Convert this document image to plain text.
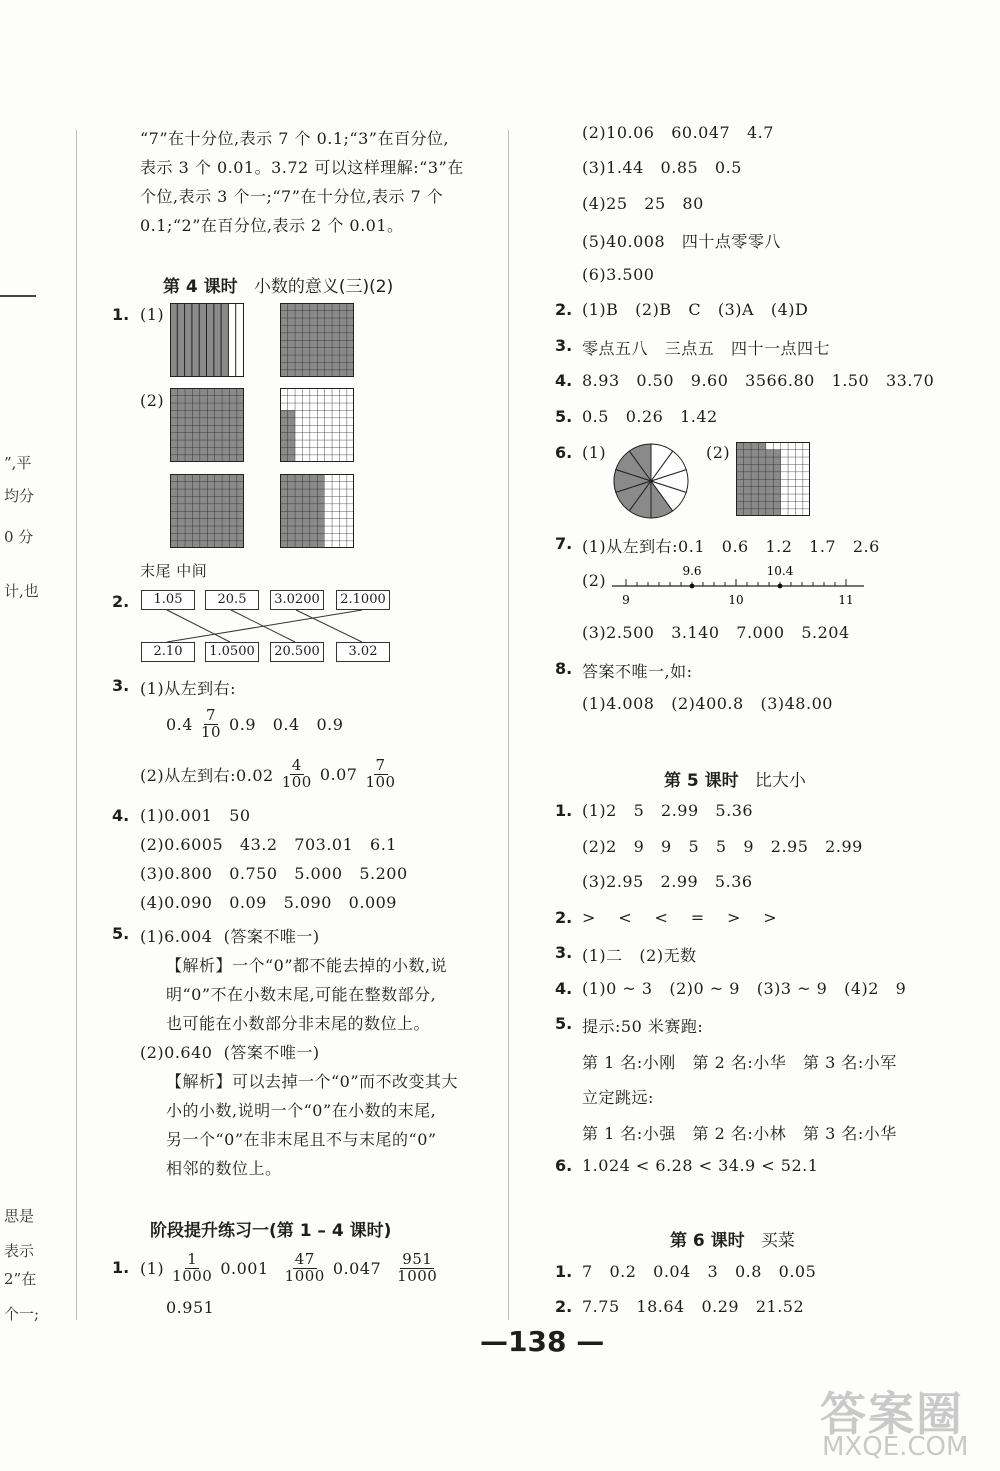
”,平
均分
0 分
计,也
思是
表示
2”在
个一;
“7”在十分位,表示 7 个 0.1;“3”在百分位,
表示 3 个 0.01。3.72 可以这样理解:“3”在
个位,表示 3 个一;“7”在十分位,表示 7 个
0.1;“2”在百分位,表示 2 个 0.01。
第 4 课时 小数的意义(三)(2)
1. (1)
(2)
末尾 中间
2.	1.05	20.5	3.0200	2.1000
2.10	1.0500	20.500	3.02
3. (1)从左到右:
$0.4 \frac{7}{10} 0.9$   0.4   0.9
(2)从左到右:0.02 $\frac{4}{100} 0.07 \frac{7}{100}$
4. (1)0.001   50
(2)0.6005   43.2   703.01   6.1
(3)0.800   0.750   5.000   5.200
(4)0.090   0.09   5.090   0.009
5. (1)6.004  (答案不唯一)
【解析】一个“0”都不能去掉的小数,说
明“0”不在小数末尾,可能在整数部分,
也可能在小数部分非末尾的数位上。
(2)0.640  (答案不唯一)
【解析】可以去掉一个“0”而不改变其大
小的小数,说明一个“0”在小数的末尾,
另一个“0”在非末尾且不与末尾的“0”
相邻的数位上。
阶段提升练习一(第 1 – 4 课时)
1. $(1) \frac{1}{1000} 0.001 \frac{47}{1000} 0.047 \frac{951}{1000}$
0.951
(2)10.06   60.047   4.7
(3)1.44   0.85   0.5
(4)25   25   80
(5)40.008   四十点零零八
(6)3.500
2. (1)B   (2)B   C   (3)A   (4)D
3. 零点五八   三点五   四十一点四七
4. 8.93   0.50   9.60   3566.80   1.50   33.70
5. 0.5   0.26   1.42
6. (1)	(2)
7. (1)从左到右:0.1   0.6   1.2   1.7   2.6
(2)
9	10	11
9.6	10.4
(3)2.500   3.140   7.000   5.204
8. 答案不唯一,如:
(1)4.008   (2)400.8   (3)48.00
第 5 课时 比大小
1. (1)2   5   2.99   5.36
(2)2   9   9   5   5   9   2.95   2.99
(3)2.95   2.99   5.36
2. >    <    <    =    >    >
3. (1)二   (2)无数
4. (1)0 ~ 3   (2)0 ~ 9   (3)3 ~ 9   (4)2   9
5. 提示:50 米赛跑:
第 1 名:小刚   第 2 名:小华   第 3 名:小军
立定跳远:
第 1 名:小强   第 2 名:小林   第 3 名:小华
6. 1.024 < 6.28 < 34.9 < 52.1
第 6 课时 买菜
1. 7   0.2   0.04   3   0.8   0.05
2. 7.75   18.64   0.29   21.52
—138 —
答案圈
MXQE.COM
